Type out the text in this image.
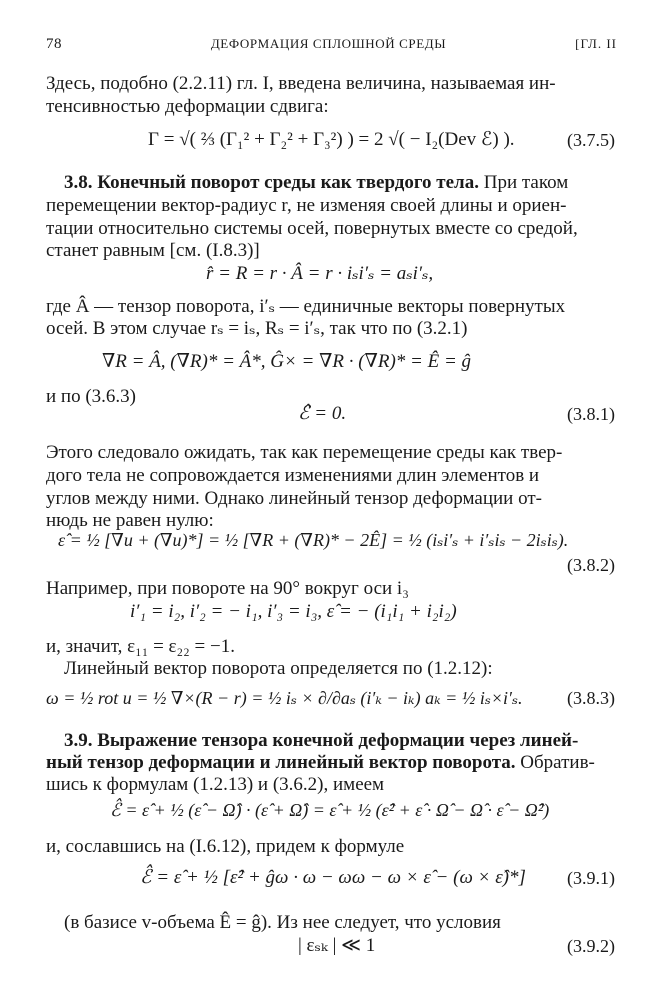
78	ДЕФОРМАЦИЯ СПЛОШНОЙ СРЕДЫ	[ГЛ. II
Здесь, подобно (2.2.11) гл. I, введена величина, называемая ин-
тенсивностью деформации сдвига:
Γ = √( ⅔ (Γ₁² + Γ₂² + Γ₃²) ) = 2 √( − I₂(Dev ℰ) ).	(3.7.5)
3.8. Конечный поворот среды как твердого тела. При таком
перемещении вектор-радиус r, не изменяя своей длины и ориен-
тации относительно системы осей, повернутых вместе со средой,
станет равным [см. (I.8.3)]
r̂ = R = r · Â = r · iₛi′ₛ = aₛi′ₛ,
где Â — тензор поворота, i′ₛ — единичные векторы повернутых
осей. В этом случае rₛ = iₛ, Rₛ = i′ₛ, так что по (3.2.1)
∇R = Â, (∇R)* = Â*, Ĝ× = ∇R · (∇R)* = Ê = ĝ
и по (3.6.3)
ℰ̂ = 0.	(3.8.1)
Этого следовало ожидать, так как перемещение среды как твер-
дого тела не сопровождается изменениями длин элементов и
углов между ними. Однако линейный тензор деформации от-
нюдь не равен нулю:
ε̂ = ½ [∇u + (∇u)*] = ½ [∇R + (∇R)* − 2Ê] = ½ (iₛi′ₛ + i′ₛiₛ − 2iₛiₛ).
(3.8.2)
Например, при повороте на 90° вокруг оси i₃
i′₁ = i₂, i′₂ = − i₁, i′₃ = i₃, ε̂ = − (i₁i₁ + i₂i₂)
и, значит, ε₁₁ = ε₂₂ = −1.
Линейный вектор поворота определяется по (1.2.12):
ω = ½ rot u = ½ ∇×(R − r) = ½ iₛ × ∂/∂aₛ (i′ₖ − iₖ) aₖ = ½ iₛ×i′ₛ. (3.8.3)
3.9. Выражение тензора конечной деформации через линей-
ный тензор деформации и линейный вектор поворота. Обратив-
шись к формулам (1.2.13) и (3.6.2), имеем
ℰ̂ = ε̂ + ½ (ε̂ − Ω̂) · (ε̂ + Ω̂) = ε̂ + ½ (ε̂² + ε̂ · Ω̂ − Ω̂ · ε̂ − Ω̂²)
и, сославшись на (I.6.12), придем к формуле
ℰ̂ = ε̂ + ½ [ε̂² + ĝω · ω − ωω − ω × ε̂ − (ω × ε̂)*] (3.9.1)
(в базисе v-объема Ê = ĝ). Из нее следует, что условия
| εₛₖ | ≪ 1	(3.9.2)
